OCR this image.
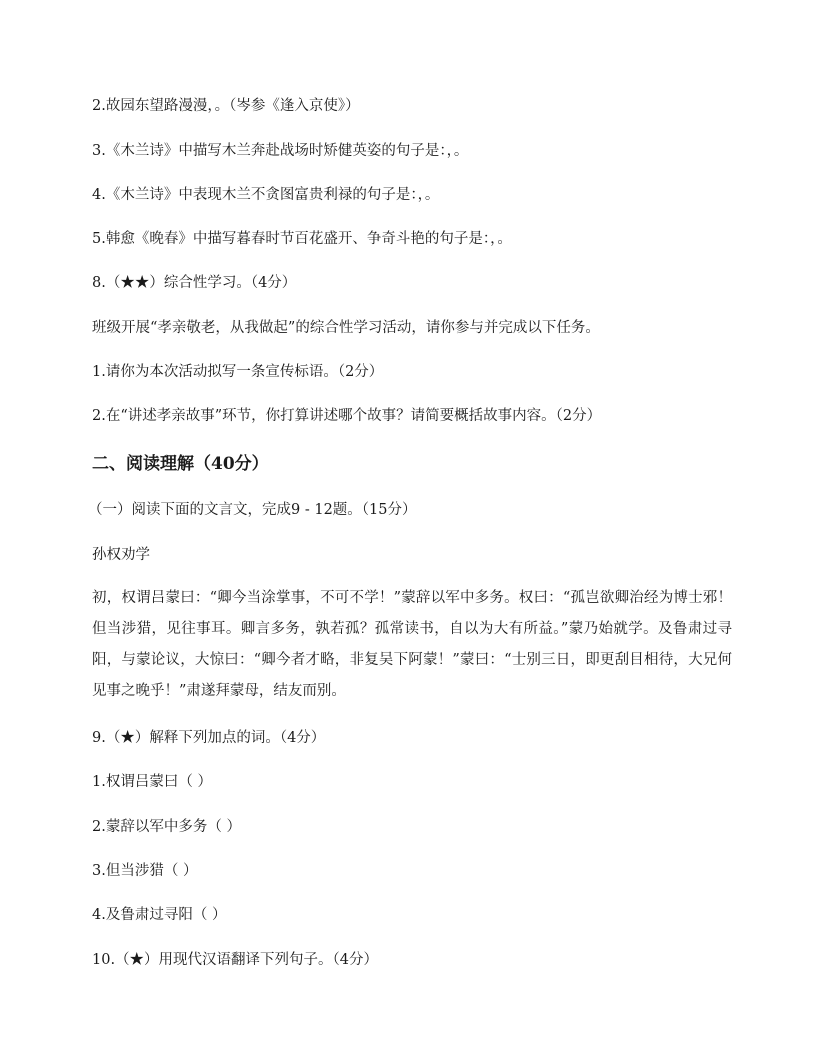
2.故园东望路漫漫，。（岑参《逢入京使》）
3.《木兰诗》中描写木兰奔赴战场时矫健英姿的句子是：，。
4.《木兰诗》中表现木兰不贪图富贵利禄的句子是：，。
5.韩愈《晚春》中描写暮春时节百花盛开、争奇斗艳的句子是：，。
8.（★★）综合性学习。（4分）
班级开展“孝亲敬老，从我做起”的综合性学习活动，请你参与并完成以下任务。
1.请你为本次活动拟写一条宣传标语。（2分）
2.在“讲述孝亲故事”环节，你打算讲述哪个故事？请简要概括故事内容。（2分）
二、阅读理解（40分）
（一）阅读下面的文言文，完成9 - 12题。（15分）
孙权劝学
初，权谓吕蒙曰：“卿今当涂掌事，不可不学！”蒙辞以军中多务。权曰：“孤岂欲卿治经为博士邪！但当涉猎，见往事耳。卿言多务，孰若孤？孤常读书，自以为大有所益。”蒙乃始就学。及鲁肃过寻阳，与蒙论议，大惊曰：“卿今者才略，非复吴下阿蒙！”蒙曰：“士别三日，即更刮目相待，大兄何见事之晚乎！”肃遂拜蒙母，结友而别。
9.（★）解释下列加点的词。（4分）
1.权谓吕蒙曰（ ）
2.蒙辞以军中多务（ ）
3.但当涉猎（ ）
4.及鲁肃过寻阳（ ）
10.（★）用现代汉语翻译下列句子。（4分）
